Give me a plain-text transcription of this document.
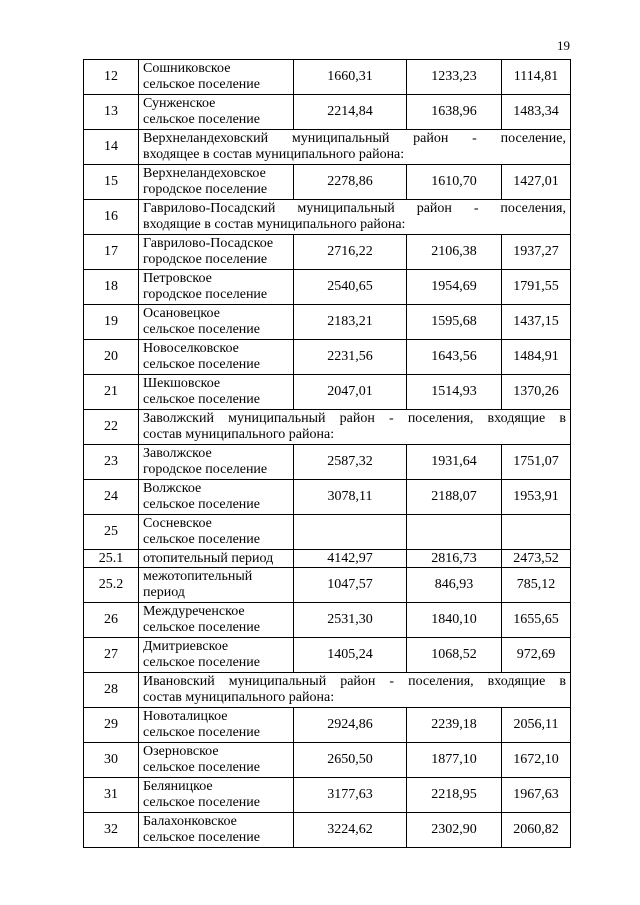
19
12	Сошниковское
сельское поселение	1660,31	1233,23	1114,81
13	Сунженское
сельское поселение	2214,84	1638,96	1483,34
14	Верхнеландеховский муниципальный район - поселение,
входящее в состав муниципального района:			

15	Верхнеландеховское
городское поселение	2278,86	1610,70	1427,01
16	Гаврилово-Посадский муниципальный район - поселения,
входящие в состав муниципального района:			

17	Гаврилово-Посадское
городское поселение	2716,22	2106,38	1937,27
18	Петровское
городское поселение	2540,65	1954,69	1791,55
19	Осановецкое
сельское поселение	2183,21	1595,68	1437,15
20	Новоселковское
сельское поселение	2231,56	1643,56	1484,91
21	Шекшовское
сельское поселение	2047,01	1514,93	1370,26
22	Заволжский муниципальный район - поселения, входящие в
состав муниципального района:			

23	Заволжское
городское поселение	2587,32	1931,64	1751,07
24	Волжское
сельское поселение	3078,11	2188,07	1953,91
25	Сосневское
сельское поселение			

25.1	отопительный период	4142,97	2816,73	2473,52
25.2	межотопительный
период	1047,57	846,93	785,12
26	Междуреченское
сельское поселение	2531,30	1840,10	1655,65
27	Дмитриевское
сельское поселение	1405,24	1068,52	972,69
28	Ивановский муниципальный район - поселения, входящие в
состав муниципального района:			

29	Новоталицкое
сельское поселение	2924,86	2239,18	2056,11
30	Озерновское
сельское поселение	2650,50	1877,10	1672,10
31	Беляницкое
сельское поселение	3177,63	2218,95	1967,63
32	Балахонковское
сельское поселение	3224,62	2302,90	2060,82
